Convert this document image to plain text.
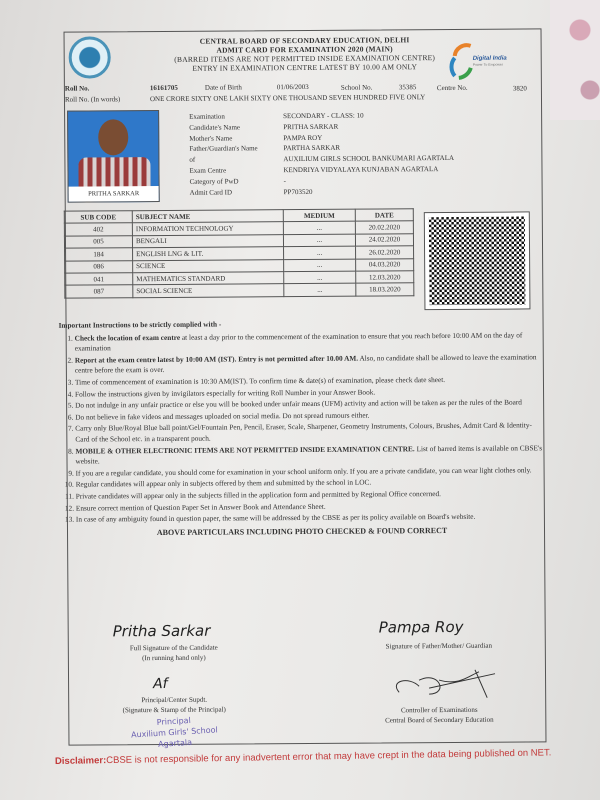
CENTRAL BOARD OF SECONDARY EDUCATION, DELHI
ADMIT CARD FOR EXAMINATION 2020 (MAIN)
(BARRED ITEMS ARE NOT PERMITTED INSIDE EXAMINATION CENTRE)
ENTRY IN EXAMINATION CENTRE LATEST BY 10.00 AM ONLY
Digital India
Power To Empower
Roll No.	16161705	Date of Birth	01/06/2003	School No.	35385	Centre No.	3820
Roll No. (In words)	ONE CRORE SIXTY ONE LAKH SIXTY ONE THOUSAND SEVEN HUNDRED FIVE ONLY
PRITHA SARKAR
Examination	SECONDARY - CLASS: 10
Candidate's Name	PRITHA SARKAR
Mother's Name	PAMPA ROY
Father/Guardian's Name	PARTHA SARKAR
of	AUXILIUM GIRLS SCHOOL BANKUMARI AGARTALA
Exam Centre	KENDRIYA VIDYALAYA KUNJABAN AGARTALA
Category of PwD	-
Admit Card ID	PP703520
SUB CODE	SUBJECT NAME	MEDIUM	DATE
402	INFORMATION TECHNOLOGY	...	20.02.2020
005	BENGALI	...	24.02.2020
184	ENGLISH LNG & LIT.	...	26.02.2020
086	SCIENCE	...	04.03.2020
041	MATHEMATICS STANDARD	...	12.03.2020
087	SOCIAL SCIENCE	...	18.03.2020
Important Instructions to be strictly complied with -
1. Check the location of exam centre at least a day prior to the commencement of the examination to ensure that you reach before 10:00 AM on the day of examination
2. Report at the exam centre latest by 10:00 AM (IST). Entry is not permitted after 10.00 AM. Also, no candidate shall be allowed to leave the examination centre before the exam is over.
3. Time of commencement of examination is 10:30 AM(IST). To confirm time & date(s) of examination, please check date sheet.
4. Follow the instructions given by invigilators especially for writing Roll Number in your Answer Book.
5. Do not indulge in any unfair practice or else you will be booked under unfair means (UFM) activity and action will be taken as per the rules of the Board
6. Do not believe in fake videos and messages uploaded on social media. Do not spread rumours either.
7. Carry only Blue/Royal Blue ball point/Gel/Fountain Pen, Pencil, Eraser, Scale, Sharpener, Geometry Instruments, Colours, Brushes, Admit Card & Identity-Card of the School etc. in a transparent pouch.
8. MOBILE & OTHER ELECTRONIC ITEMS ARE NOT PERMITTED INSIDE EXAMINATION CENTRE. List of barred items is available on CBSE's website.
9. If you are a regular candidate, you should come for examination in your school uniform only. If you are a private candidate, you can wear light clothes only.
10. Regular candidates will appear only in subjects offered by them and submitted by the school in LOC.
11. Private candidates will appear only in the subjects filled in the application form and permitted by Regional Office concerned.
12. Ensure correct mention of Question Paper Set in Answer Book and Attendance Sheet.
13. In case of any ambiguity found in question paper, the same will be addressed by the CBSE as per its policy available on Board's website.
ABOVE PARTICULARS INCLUDING PHOTO CHECKED & FOUND CORRECT
Pritha Sarkar
Full Signature of the Candidate
(In running hand only)
Pampa Roy
Signature of Father/Mother/ Guardian
Af
Principal/Center Supdt.
(Signature & Stamp of the Principal)
Principal
Auxilium Girls' School
Agartala
Controller of Examinations
Central Board of Secondary Education
Disclaimer:CBSE is not responsible for any inadvertent error that may have crept in the data being published on NET.
